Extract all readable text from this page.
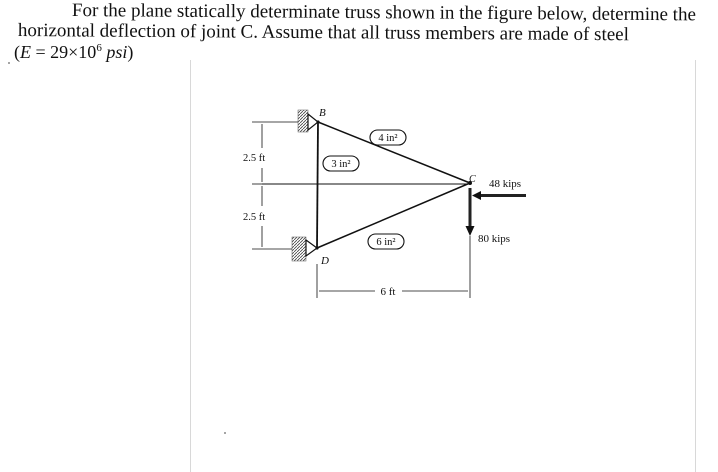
For the plane statically determinate truss shown in the figure below, determine the
horizontal deflection of joint C. Assume that all truss members are made of steel
($E = 29\times 10^6$ psi)
B
D
C
4 in²
3 in²
6 in²
48 kips
80 kips
2.5 ft
2.5 ft
6 ft
